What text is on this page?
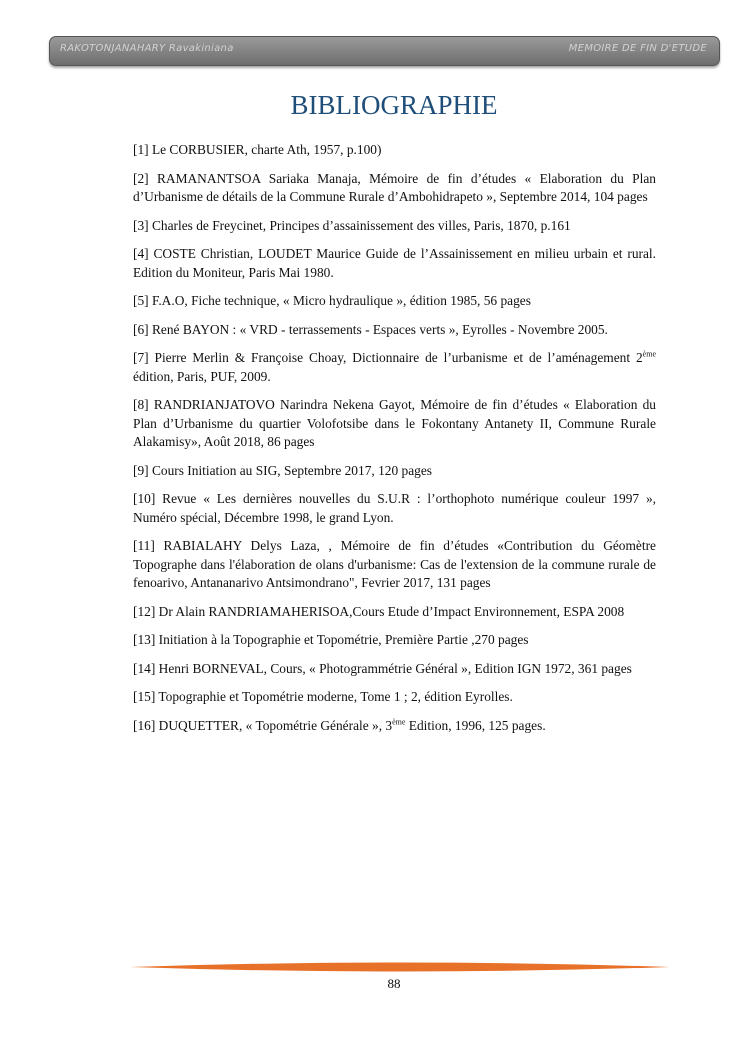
RAKOTONJANAHARY Ravakiniana	MEMOIRE DE FIN D'ETUDE
BIBLIOGRAPHIE

[1] Le CORBUSIER, charte Ath, 1957, p.100)

[2] RAMANANTSOA Sariaka Manaja, Mémoire de fin d’études « Elaboration du Plan d’Urbanisme de détails de la Commune Rurale d’Ambohidrapeto », Septembre 2014, 104 pages

[3] Charles de Freycinet, Principes d’assainissement des villes, Paris, 1870, p.161

[4] COSTE Christian, LOUDET Maurice Guide de l’Assainissement en milieu urbain et rural. Edition du Moniteur, Paris Mai 1980.

[5] F.A.O, Fiche technique, « Micro hydraulique », édition 1985, 56 pages

[6] René BAYON : « VRD - terrassements - Espaces verts », Eyrolles - Novembre 2005.

[7] Pierre Merlin & Françoise Choay, Dictionnaire de l’urbanisme et de l’aménagement 2ème édition, Paris, PUF, 2009.

[8] RANDRIANJATOVO Narindra Nekena Gayot, Mémoire de fin d’études « Elaboration du Plan d’Urbanisme du quartier Volofotsibe dans le Fokontany Antanety II, Commune Rurale Alakamisy», Août 2018, 86 pages

[9] Cours Initiation au SIG, Septembre 2017, 120 pages

[10] Revue « Les dernières nouvelles du S.U.R : l’orthophoto numérique couleur 1997 », Numéro spécial, Décembre 1998, le grand Lyon.

[11] RABIALAHY Delys Laza, , Mémoire de fin d’études «Contribution du Géomètre Topographe dans l'élaboration de olans d'urbanisme: Cas de l'extension de la commune rurale de fenoarivo, Antananarivo Antsimondrano", Fevrier 2017, 131 pages

[12] Dr Alain RANDRIAMAHERISOA,Cours Etude d’Impact Environnement, ESPA 2008

[13] Initiation à la Topographie et Topométrie, Première Partie ,270 pages

[14] Henri BORNEVAL, Cours, « Photogrammétrie Général », Edition IGN 1972, 361 pages

[15] Topographie et Topométrie moderne, Tome 1 ; 2, édition Eyrolles.

[16] DUQUETTER, « Topométrie Générale », 3ème Edition, 1996, 125 pages.

88
